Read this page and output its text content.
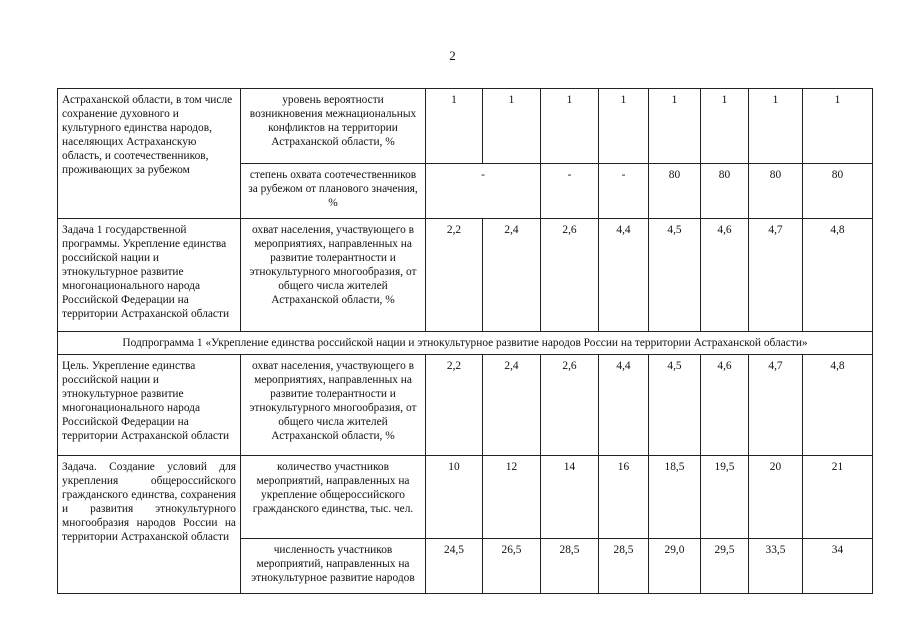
2
Астраханской области, в том числе сохранение духовного и культурного единства народов, населяющих Астраханскую область, и соотечественников, проживающих за рубежом	уровень вероятности возникновения межнациональных конфликтов на территории Астраханской области, %	1	1	1	1	1	1	1	1
	степень охвата соотечественников за рубежом от планового значения, %	-		-	-	80	80	80	80
Задача 1 государственной программы. Укрепление единства российской нации и этнокультурное развитие многонационального народа Российской Федерации на территории Астраханской области	охват населения, участвующего в мероприятиях, направленных на развитие толерантности и этнокультурного многообразия, от общего числа жителей Астраханской области, %	2,2	2,4	2,6	4,4	4,5	4,6	4,7	4,8
Подпрограмма 1 «Укрепление единства российской нации и этнокультурное развитие народов России на территории Астраханской области»									
Цель. Укрепление единства российской нации и этнокультурное развитие многонационального народа Российской Федерации на территории Астраханской области	охват населения, участвующего в мероприятиях, направленных на развитие толерантности и этнокультурного многообразия, от общего числа жителей Астраханской области, %	2,2	2,4	2,6	4,4	4,5	4,6	4,7	4,8
Задача. Создание условий для укрепления общероссийского гражданского единства, сохранения и развития этнокультурного многообразия народов России на территории Астраханской области	количество участников мероприятий, направленных на укрепление общероссийского гражданского единства, тыс. чел.	10	12	14	16	18,5	19,5	20	21
	численность участников мероприятий, направленных на этнокультурное развитие народов	24,5	26,5	28,5	28,5	29,0	29,5	33,5	34
